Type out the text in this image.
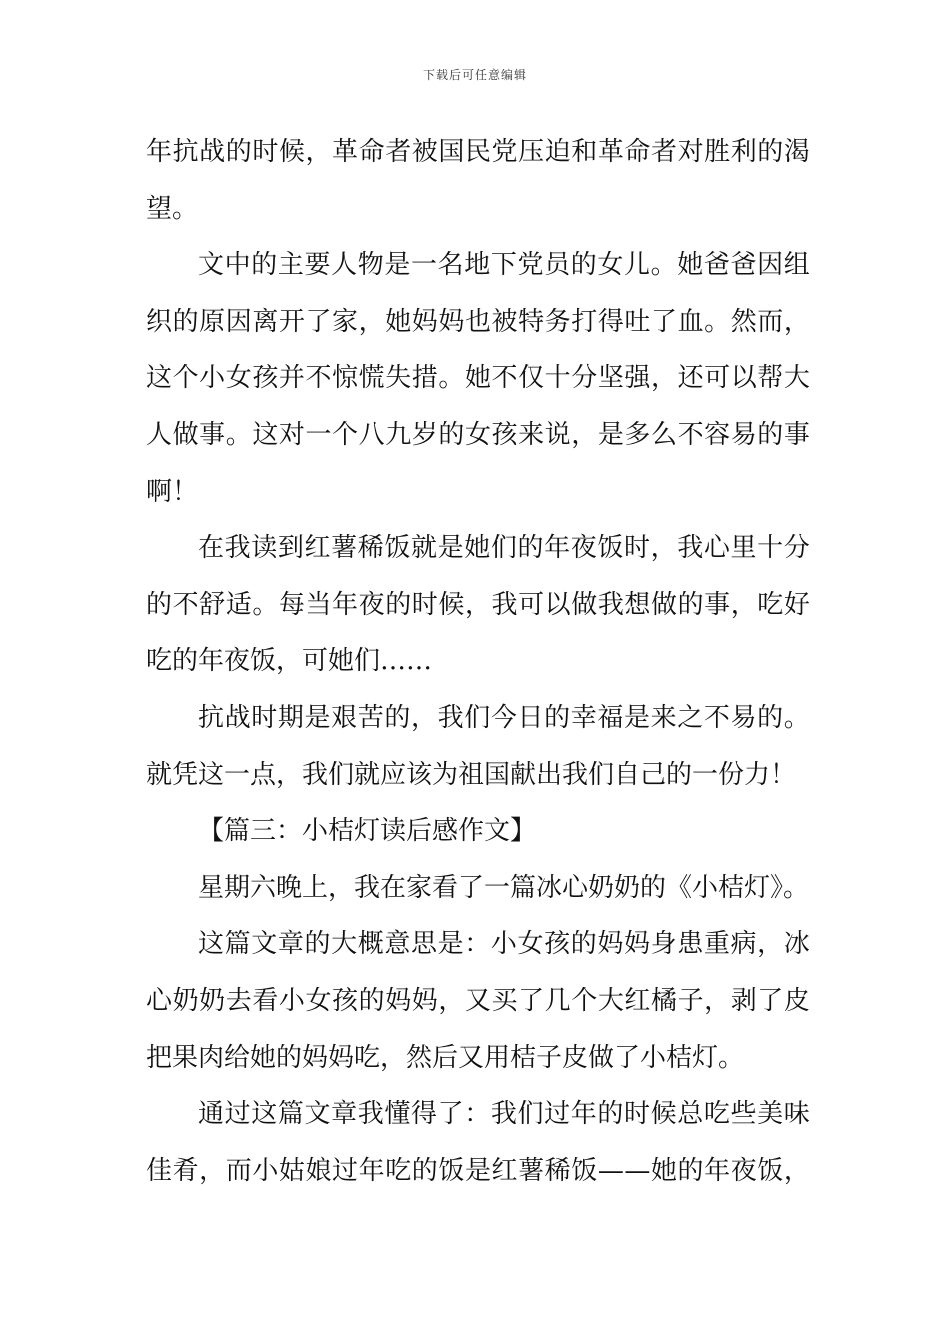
下载后可任意编辑
年 抗 战 的 时 候 ， 革 命 者 被 国 民 党 压 迫 和 革 命 者 对 胜 利 的 渴
望。
文 中 的 主 要 人 物 是 一 名 地 下 党 员 的 女 儿 。 她 爸 爸 因 组
织 的 原 因 离 开 了 家 ， 她 妈 妈 也 被 特 务 打 得 吐 了 血 。 然 而 ，
这 个 小 女 孩 并 不 惊 慌 失 措 。 她 不 仅 十 分 坚 强 ， 还 可 以 帮 大
人 做 事 。 这 对 一 个 八 九 岁 的 女 孩 来 说 ， 是 多 么 不 容 易 的 事
啊！
在 我 读 到 红 薯 稀 饭 就 是 她 们 的 年 夜 饭 时 ， 我 心 里 十 分
的 不 舒 适 。 每 当 年 夜 的 时 候 ， 我 可 以 做 我 想 做 的 事 ， 吃 好
吃的年夜饭，可她们……
抗 战 时 期 是 艰 苦 的 ， 我 们 今 日 的 幸 福 是 来 之 不 易 的 。
就凭这一点，我们就应该为祖国献出我们自己的一份力！
【篇三：小桔灯读后感作文】
星期六晚上，我在家看了一篇冰心奶奶的《小桔灯》。
这 篇 文 章 的 大 概 意 思 是 ： 小 女 孩 的 妈 妈 身 患 重 病 ， 冰
心 奶 奶 去 看 小 女 孩 的 妈 妈 ， 又 买 了 几 个 大 红 橘 子 ， 剥 了 皮
把果肉给她的妈妈吃，然后又用桔子皮做了小桔灯。
通 过 这 篇 文 章 我 懂 得 了 ： 我 们 过 年 的 时 候 总 吃 些 美 味
佳 肴 ， 而 小 姑 娘 过 年 吃 的 饭 是 红 薯 稀 饭 — — 她 的 年 夜 饭 ，
